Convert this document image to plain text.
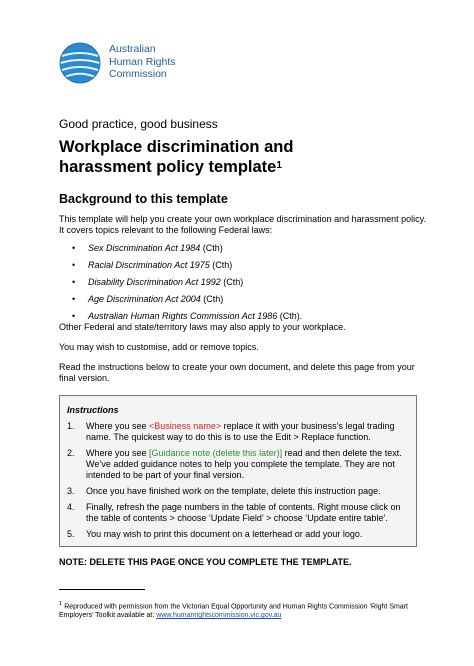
Australian
Human Rights
Commission
Good practice, good business
Workplace discrimination and
harassment policy template$^1$
Background to this template
This template will help you create your own workplace discrimination and harassment policy. It covers topics relevant to the following Federal laws:
• Sex Discrimination Act 1984 (Cth)
• Racial Discrimination Act 1975 (Cth)
• Disability Discrimination Act 1992 (Cth)
• Age Discrimination Act 2004 (Cth)
• Australian Human Rights Commission Act 1986 (Cth).
Other Federal and state/territory laws may also apply to your workplace.
You may wish to customise, add or remove topics.
Read the instructions below to create your own document, and delete this page from your final version.
Instructions
1. Where you see <Business name> replace it with your business’s legal trading name. The quickest way to do this is to use the Edit > Replace function.
2. Where you see [Guidance note (delete this later)] read and then delete the text. We’ve added guidance notes to help you complete the template. They are not intended to be part of your final version.
3. Once you have finished work on the template, delete this instruction page.
4. Finally, refresh the page numbers in the table of contents. Right mouse click on the table of contents > choose ‘Update Field’ > choose ‘Update entire table’.
5. You may wish to print this document on a letterhead or add your logo.
NOTE: DELETE THIS PAGE ONCE YOU COMPLETE THE TEMPLATE.
$^1$ Reproduced with permission from the Victorian Equal Opportunity and Human Rights Commission ‘Right Smart Employers’ Toolkit available at: www.humanrightscommission.vic.gov.au
